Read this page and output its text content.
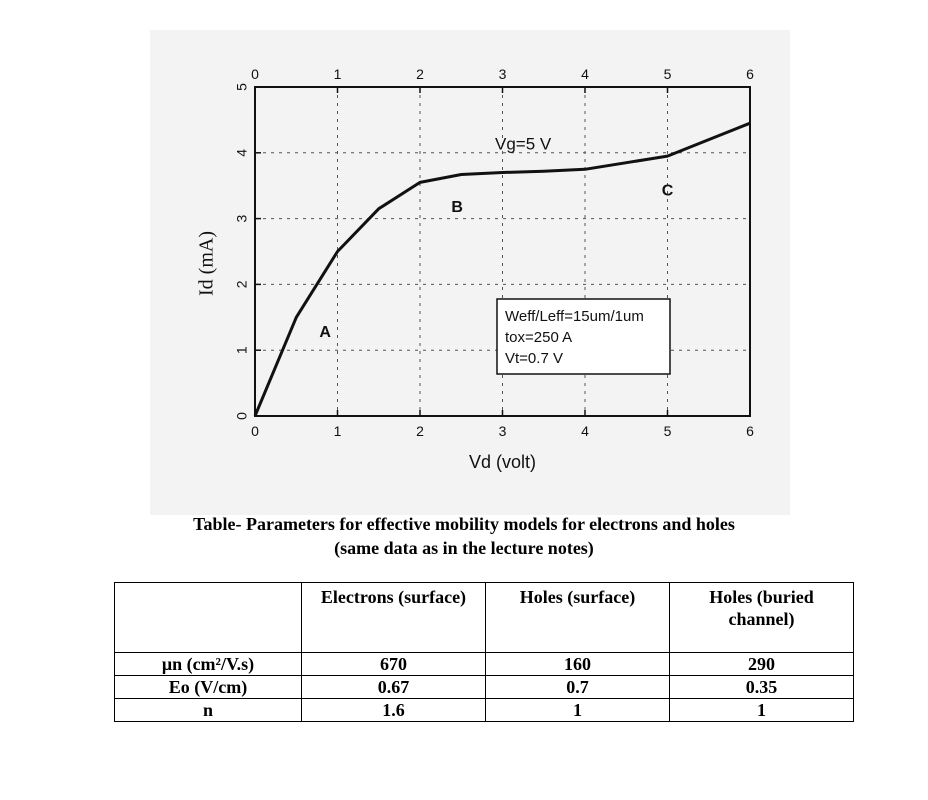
0	1	2	3	4	5	6
0	1	2	3	4	5	6
0
1
2
3
4
5
Vd (volt)
Id (mA)
Vg=5 V
A
B
C
Weff/Leff=15um/1um
tox=250 A
Vt=0.7 V
Table- Parameters for effective mobility models for electrons and holes
(same data as in the lecture notes)
	Electrons (surface)	Holes (surface)	Holes (buried channel)
μn (cm²/V.s)	670	160	290
Eo (V/cm)	0.67	0.7	0.35
n	1.6	1	1
